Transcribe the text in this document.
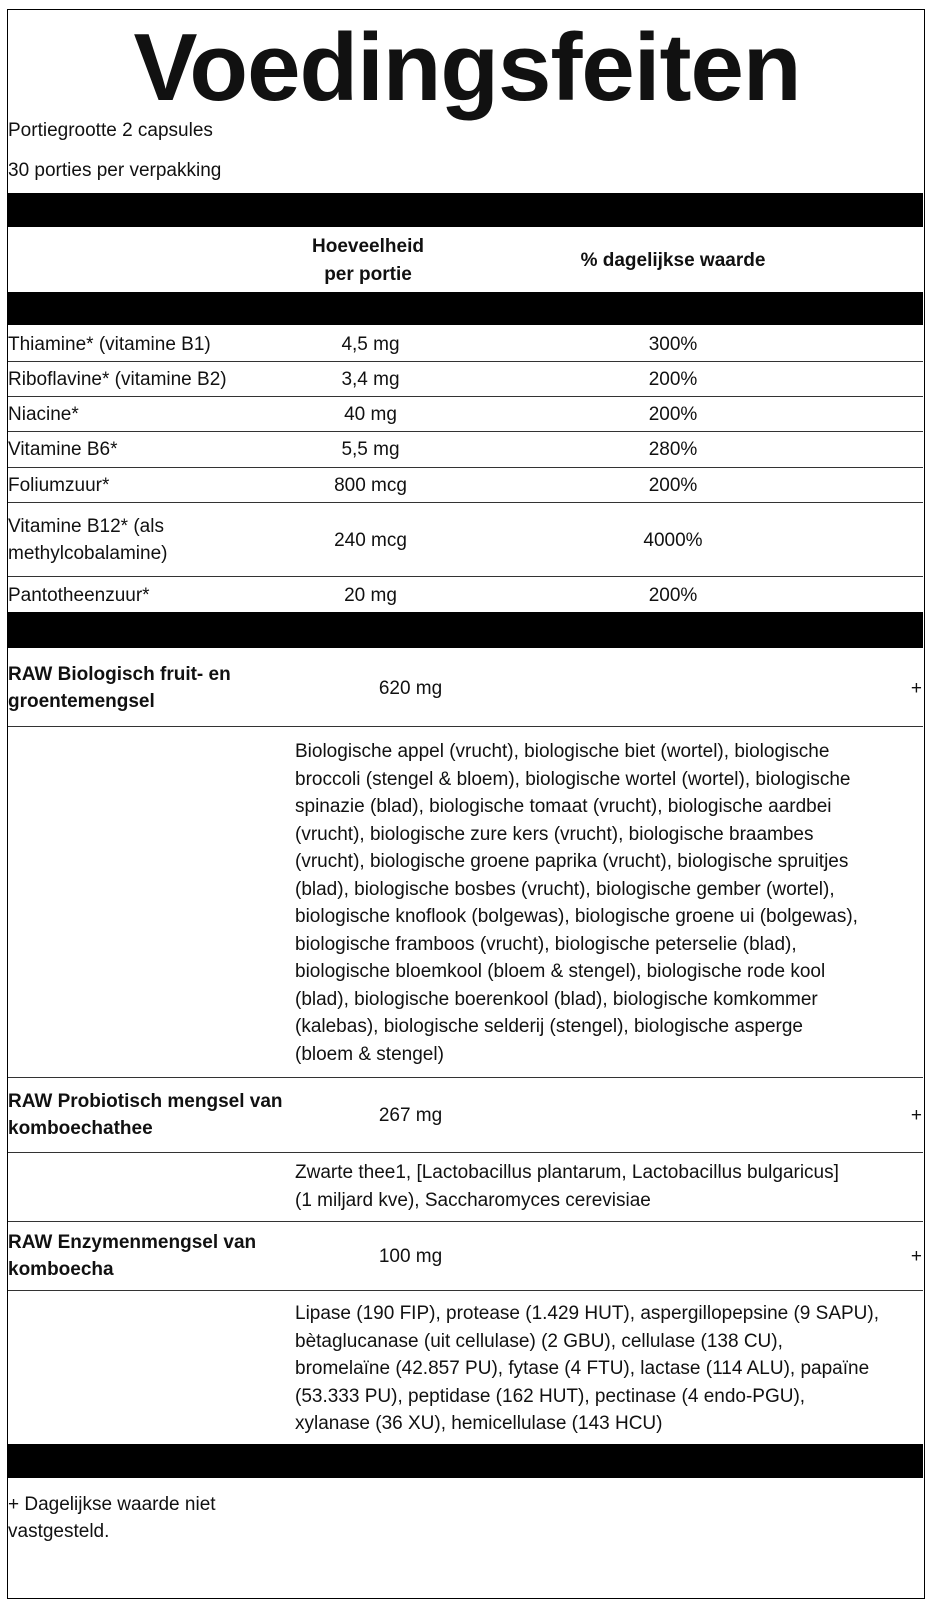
Voedingsfeiten
Portiegrootte 2 capsules
30 porties per verpakking
Hoeveelheid
per portie
% dagelijkse waarde
Thiamine* (vitamine B1)	4,5 mg	300%
Riboflavine* (vitamine B2)	3,4 mg	200%
Niacine*	40 mg	200%
Vitamine B6*	5,5 mg	280%
Foliumzuur*	800 mcg	200%
Vitamine B12* (als
methylcobalamine)
240 mcg	4000%
Pantotheenzuur*	20 mg	200%
RAW Biologisch fruit- en
groentemengsel
620 mg	+
Biologische appel (vrucht), biologische biet (wortel), biologische
broccoli (stengel & bloem), biologische wortel (wortel), biologische
spinazie (blad), biologische tomaat (vrucht), biologische aardbei
(vrucht), biologische zure kers (vrucht), biologische braambes
(vrucht), biologische groene paprika (vrucht), biologische spruitjes
(blad), biologische bosbes (vrucht), biologische gember (wortel),
biologische knoflook (bolgewas), biologische groene ui (bolgewas),
biologische framboos (vrucht), biologische peterselie (blad),
biologische bloemkool (bloem & stengel), biologische rode kool
(blad), biologische boerenkool (blad), biologische komkommer
(kalebas), biologische selderij (stengel), biologische asperge
(bloem & stengel)
RAW Probiotisch mengsel van
komboechathee
267 mg	+
Zwarte thee1, [Lactobacillus plantarum, Lactobacillus bulgaricus]
(1 miljard kve), Saccharomyces cerevisiae
RAW Enzymenmengsel van
komboecha
100 mg	+
Lipase (190 FIP), protease (1.429 HUT), aspergillopepsine (9 SAPU),
bètaglucanase (uit cellulase) (2 GBU), cellulase (138 CU),
bromelaïne (42.857 PU), fytase (4 FTU), lactase (114 ALU), papaïne
(53.333 PU), peptidase (162 HUT), pectinase (4 endo-PGU),
xylanase (36 XU), hemicellulase (143 HCU)
+ Dagelijkse waarde niet
vastgesteld.
